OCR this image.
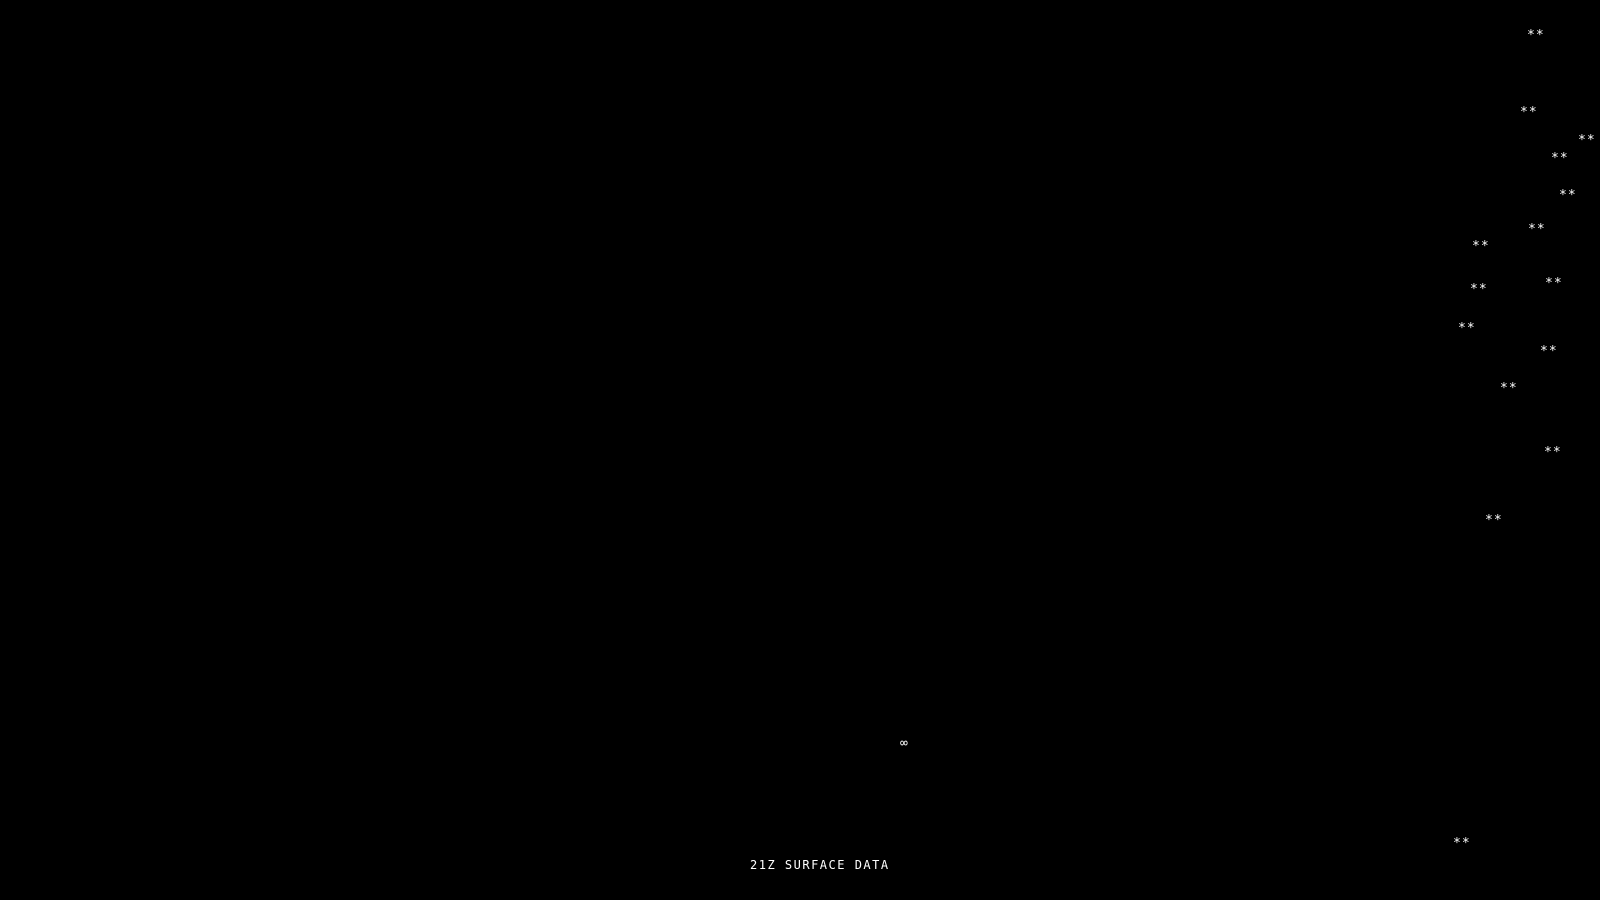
**
**
**
**
**
**
**
**
**
**
**
**
**
**
**
∞
21Z SURFACE DATA
